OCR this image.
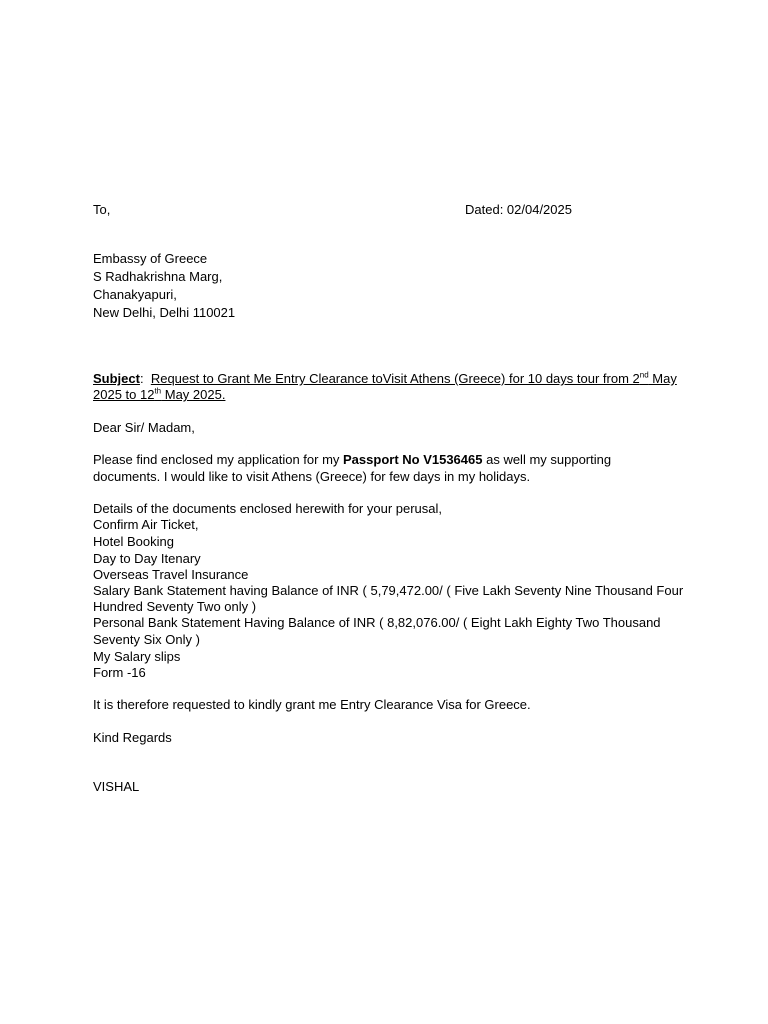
To,	Dated: 02/04/2025
Embassy of Greece
S Radhakrishna Marg,
Chanakyapuri,
New Delhi, Delhi 110021
Subject: Request to Grant Me Entry Clearance toVisit Athens (Greece) for 10 days tour from 2nd May
2025 to 12th May 2025.
Dear Sir/ Madam,
Please find enclosed my application for my Passport No V1536465 as well my supporting
documents. I would like to visit Athens (Greece) for few days in my holidays.
Details of the documents enclosed herewith for your perusal,
Confirm Air Ticket,
Hotel Booking
Day to Day Itenary
Overseas Travel Insurance
Salary Bank Statement having Balance of INR ( 5,79,472.00/ ( Five Lakh Seventy Nine Thousand Four
Hundred Seventy Two only )
Personal Bank Statement Having Balance of INR ( 8,82,076.00/ ( Eight Lakh Eighty Two Thousand
Seventy Six Only )
My Salary slips
Form -16
It is therefore requested to kindly grant me Entry Clearance Visa for Greece.
Kind Regards
VISHAL
